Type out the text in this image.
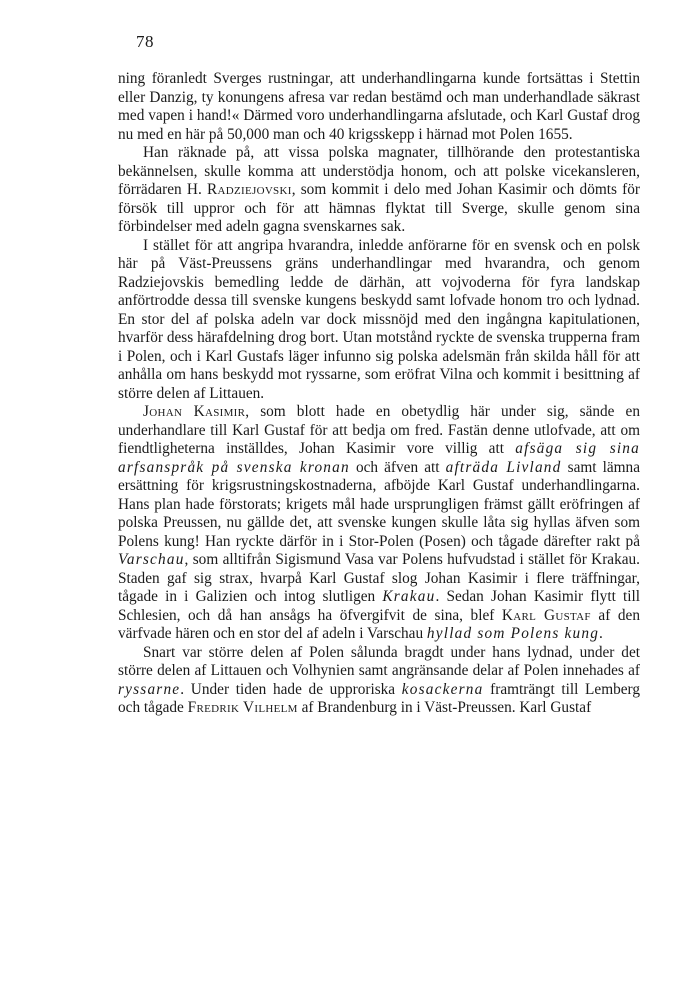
78

ning föranledt Sverges rustningar, att underhandlingarna kunde fortsättas i Stettin eller Danzig, ty konungens afresa var redan bestämd och man underhandlade säkrast med vapen i hand!« Därmed voro underhandlingarna afslutade, och Karl Gustaf drog nu med en här på 50,000 man och 40 krigsskepp i härnad mot Polen 1655.

Han räknade på, att vissa polska magnater, tillhörande den protestantiska bekännelsen, skulle komma att understödja honom, och att polske vicekansleren, förrädaren H. Radziejovski, som kommit i delo med Johan Kasimir och dömts för försök till uppror och för att hämnas flyktat till Sverge, skulle genom sina förbindelser med adeln gagna svenskarnes sak.

I stället för att angripa hvarandra, inledde anförarne för en svensk och en polsk här på Väst-Preussens gräns underhandlingar med hvarandra, och genom Radziejovskis bemedling ledde de därhän, att vojvoderna för fyra landskap anförtrodde dessa till svenske kungens beskydd samt lofvade honom tro och lydnad. En stor del af polska adeln var dock missnöjd med den ingångna kapitulationen, hvarför dess härafdelning drog bort. Utan motstånd ryckte de svenska trupperna fram i Polen, och i Karl Gustafs läger infunno sig polska adelsmän från skilda håll för att anhålla om hans beskydd mot ryssarne, som eröfrat Vilna och kommit i besittning af större delen af Littauen.

Johan Kasimir, som blott hade en obetydlig här under sig, sände en underhandlare till Karl Gustaf för att bedja om fred. Fastän denne utlofvade, att om fiendtligheterna inställdes, Johan Kasimir vore villig att afsäga sig sina arfsanspråk på svenska kronan och äfven att afträda Livland samt lämna ersättning för krigsrustningskostnaderna, afböjde Karl Gustaf underhandlingarna. Hans plan hade förstorats; krigets mål hade ursprungligen främst gällt eröfringen af polska Preussen, nu gällde det, att svenske kungen skulle låta sig hyllas äfven som Polens kung! Han ryckte därför in i Stor-Polen (Posen) och tågade därefter rakt på Varschau, som alltifrån Sigismund Vasa var Polens hufvudstad i stället för Krakau. Staden gaf sig strax, hvarpå Karl Gustaf slog Johan Kasimir i flere träffningar, tågade in i Galizien och intog slutligen Krakau. Sedan Johan Kasimir flytt till Schlesien, och då han ansågs ha öfvergifvit de sina, blef Karl Gustaf af den värfvade hären och en stor del af adeln i Varschau hyllad som Polens kung.

Snart var större delen af Polen sålunda bragdt under hans lydnad, under det större delen af Littauen och Volhynien samt angränsande delar af Polen innehades af ryssarne. Under tiden hade de upproriska kosackerna framträngt till Lemberg och tågade Fredrik Vilhelm af Brandenburg in i Väst-Preussen. Karl Gustaf
